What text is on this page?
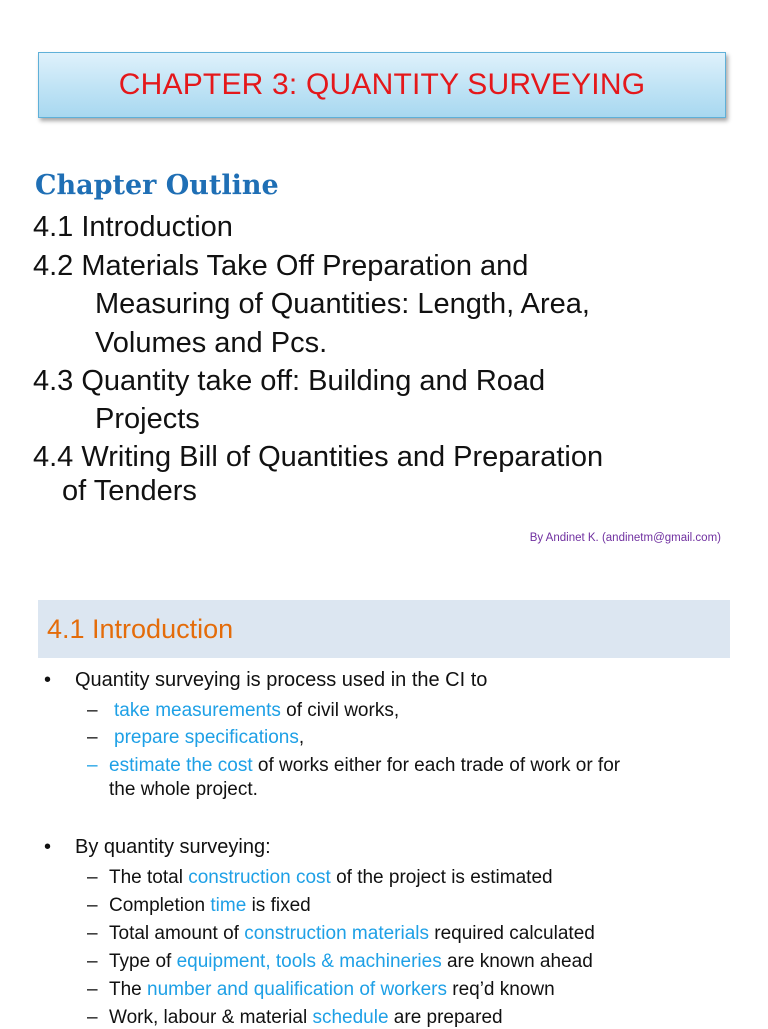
CHAPTER 3: QUANTITY SURVEYING
Chapter Outline
4.1 Introduction
4.2 Materials Take Off Preparation and
Measuring of Quantities: Length, Area,
Volumes and Pcs.
4.3 Quantity take off: Building and Road
Projects
4.4 Writing Bill of Quantities and Preparation
of Tenders
By Andinet K. (andinetm@gmail.com)
4.1 Introduction
• Quantity surveying is process used in the CI to
– take measurements of civil works,
– prepare specifications,
– estimate the cost of works either for each trade of work or for
the whole project.
• By quantity surveying:
– The total construction cost of the project is estimated
– Completion time is fixed
– Total amount of construction materials required calculated
– Type of equipment, tools & machineries are known ahead
– The number and qualification of workers req’d known
– Work, labour & material schedule are prepared
